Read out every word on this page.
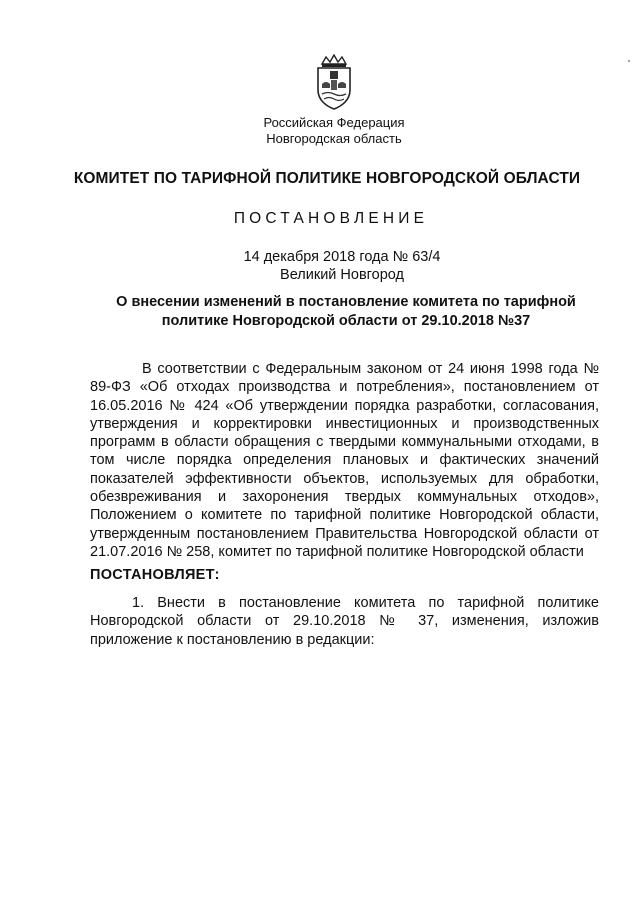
Российская Федерация
Новгородская область
КОМИТЕТ ПО ТАРИФНОЙ ПОЛИТИКЕ НОВГОРОДСКОЙ ОБЛАСТИ
ПОСТАНОВЛЕНИЕ
14 декабря 2018 года № 63/4
Великий Новгород
О внесении изменений в постановление комитета по тарифной политике Новгородской области от 29.10.2018 №37
В соответствии с Федеральным законом от 24 июня 1998 года № 89-ФЗ «Об отходах производства и потребления», постановлением от 16.05.2016 № 424 «Об утверждении порядка разработки, согласования, утверждения и корректировки инвестиционных и производственных программ в области обращения с твердыми коммунальными отходами, в том числе порядка определения плановых и фактических значений показателей эффективности объектов, используемых для обработки, обезвреживания и захоронения твердых коммунальных отходов», Положением о комитете по тарифной политике Новгородской области, утвержденным постановлением Правительства Новгородской области от 21.07.2016 № 258, комитет по тарифной политике Новгородской области
ПОСТАНОВЛЯЕТ:
1. Внести в постановление комитета по тарифной политике Новгородской области от 29.10.2018 № 37, изменения, изложив приложение к постановлению в редакции:
